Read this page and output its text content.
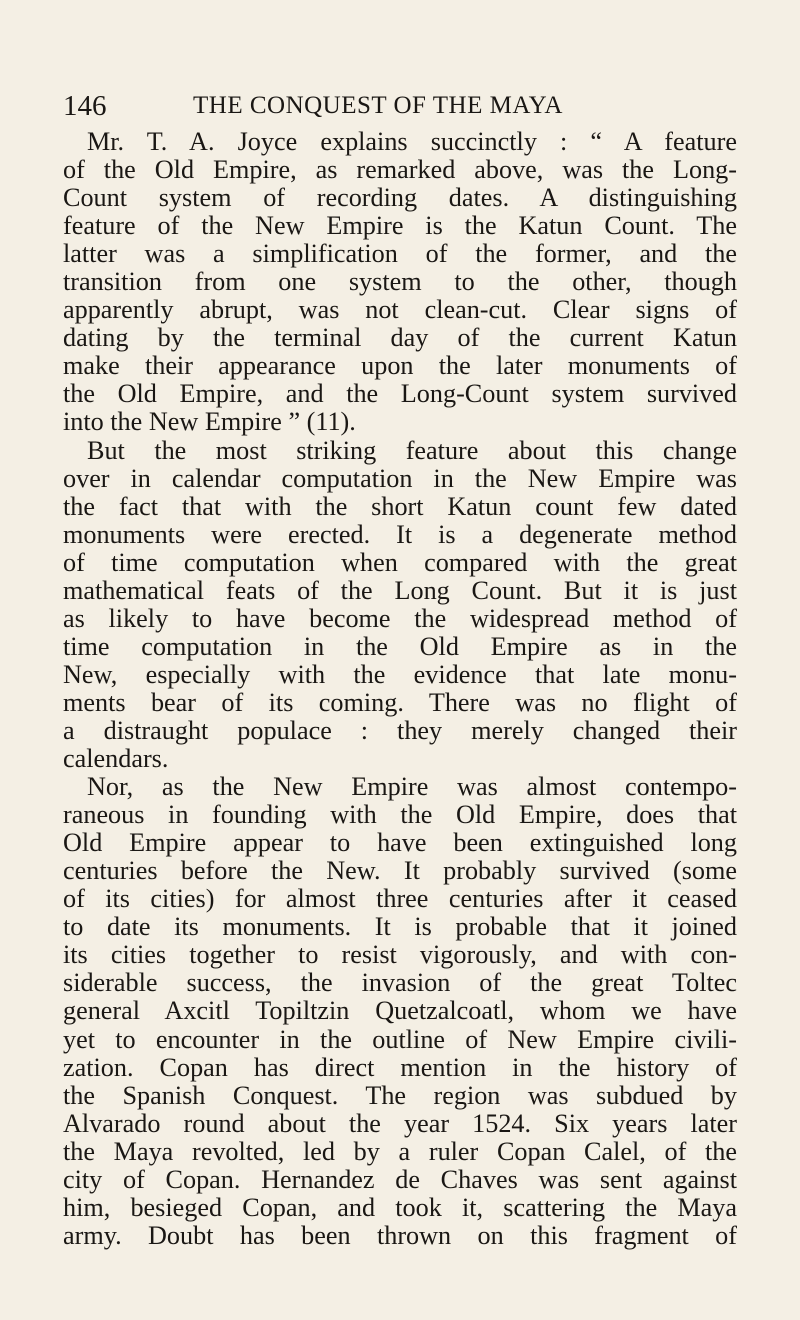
146	THE CONQUEST OF THE MAYA
Mr. T. A. Joyce explains succinctly : “ A feature
of the Old Empire, as remarked above, was the Long-
Count system of recording dates. A distinguishing
feature of the New Empire is the Katun Count. The
latter was a simplification of the former, and the
transition from one system to the other, though
apparently abrupt, was not clean-cut. Clear signs of
dating by the terminal day of the current Katun
make their appearance upon the later monuments of
the Old Empire, and the Long-Count system survived
into the New Empire ” (11).
But the most striking feature about this change
over in calendar computation in the New Empire was
the fact that with the short Katun count few dated
monuments were erected. It is a degenerate method
of time computation when compared with the great
mathematical feats of the Long Count. But it is just
as likely to have become the widespread method of
time computation in the Old Empire as in the
New, especially with the evidence that late monu-
ments bear of its coming. There was no flight of
a distraught populace : they merely changed their
calendars.
Nor, as the New Empire was almost contempo-
raneous in founding with the Old Empire, does that
Old Empire appear to have been extinguished long
centuries before the New. It probably survived (some
of its cities) for almost three centuries after it ceased
to date its monuments. It is probable that it joined
its cities together to resist vigorously, and with con-
siderable success, the invasion of the great Toltec
general Axcitl Topiltzin Quetzalcoatl, whom we have
yet to encounter in the outline of New Empire civili-
zation. Copan has direct mention in the history of
the Spanish Conquest. The region was subdued by
Alvarado round about the year 1524. Six years later
the Maya revolted, led by a ruler Copan Calel, of the
city of Copan. Hernandez de Chaves was sent against
him, besieged Copan, and took it, scattering the Maya
army. Doubt has been thrown on this fragment of
